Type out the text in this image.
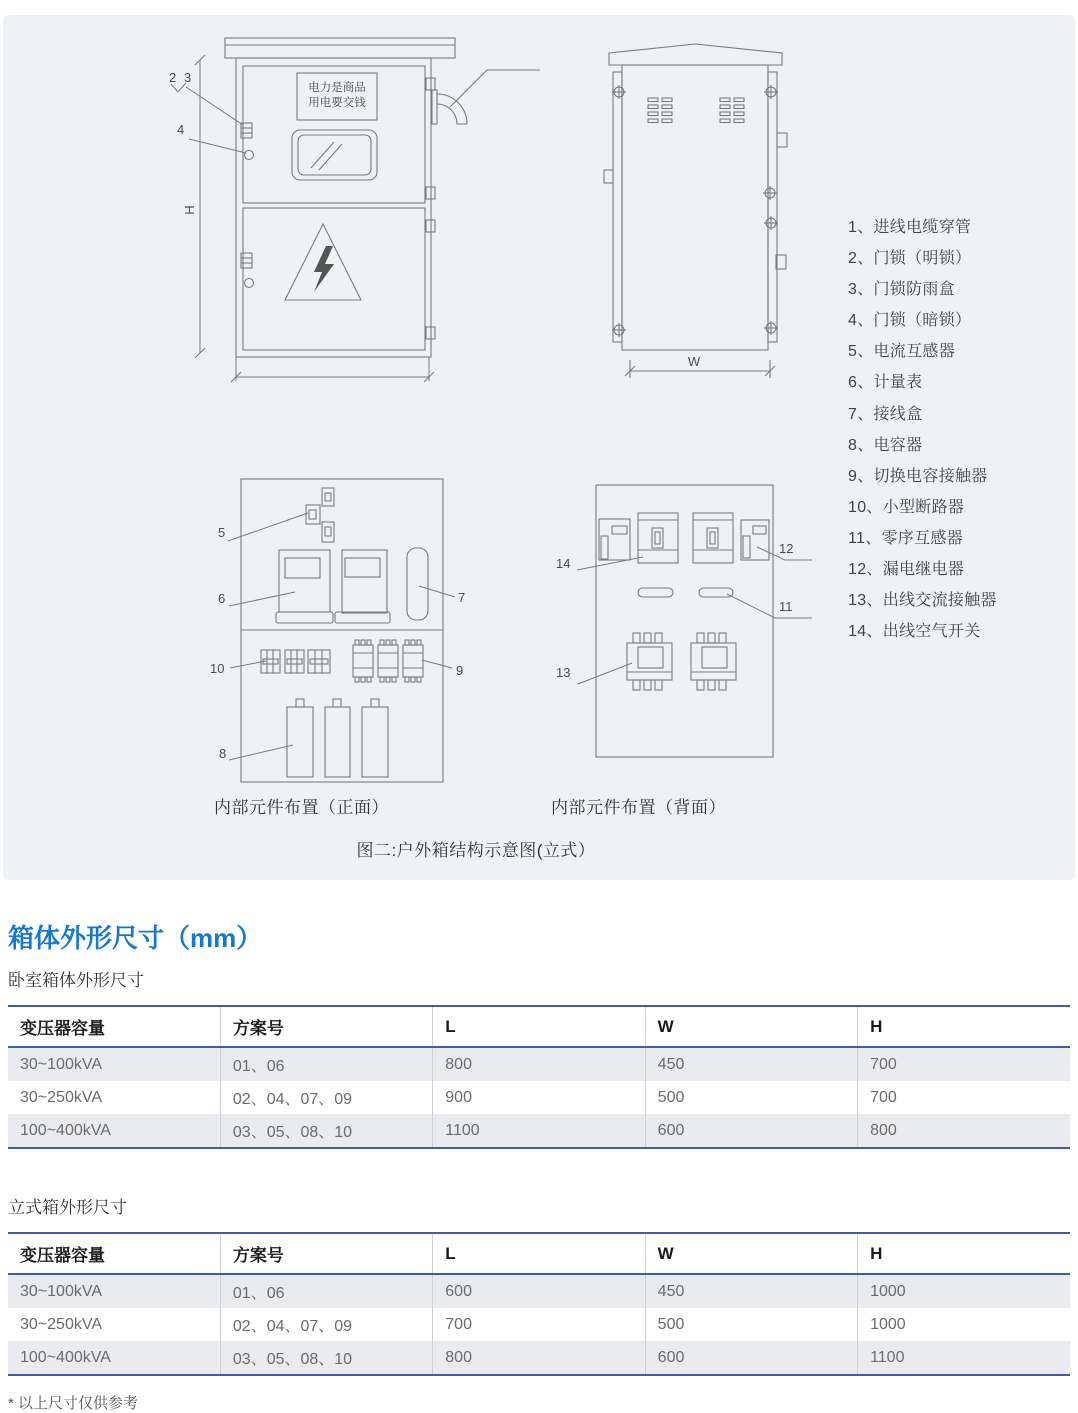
2 3
4
H
电力是商品
用电要交钱
W
5
6	7
10	9
8
14
12
11
13
1、进线电缆穿管
2、门锁（明锁）
3、门锁防雨盒
4、门锁（暗锁）
5、电流互感器
6、计量表
7、接线盒
8、电容器
9、切换电容接触器
10、小型断路器
11、零序互感器
12、漏电继电器
13、出线交流接触器
14、出线空气开关
内部元件布置（正面）	内部元件布置（背面）
图二:户外箱结构示意图(立式）
箱体外形尺寸（mm）
卧室箱体外形尺寸
变压器容量	方案号	L	W	H
30~100kVA	01、06	800	450	700
30~250kVA	02、04、07、09	900	500	700
100~400kVA	03、05、08、10	1100	600	800
立式箱外形尺寸
变压器容量	方案号	L	W	H
30~100kVA	01、06	600	450	1000
30~250kVA	02、04、07、09	700	500	1000
100~400kVA	03、05、08、10	800	600	1100
* 以上尺寸仅供参考
